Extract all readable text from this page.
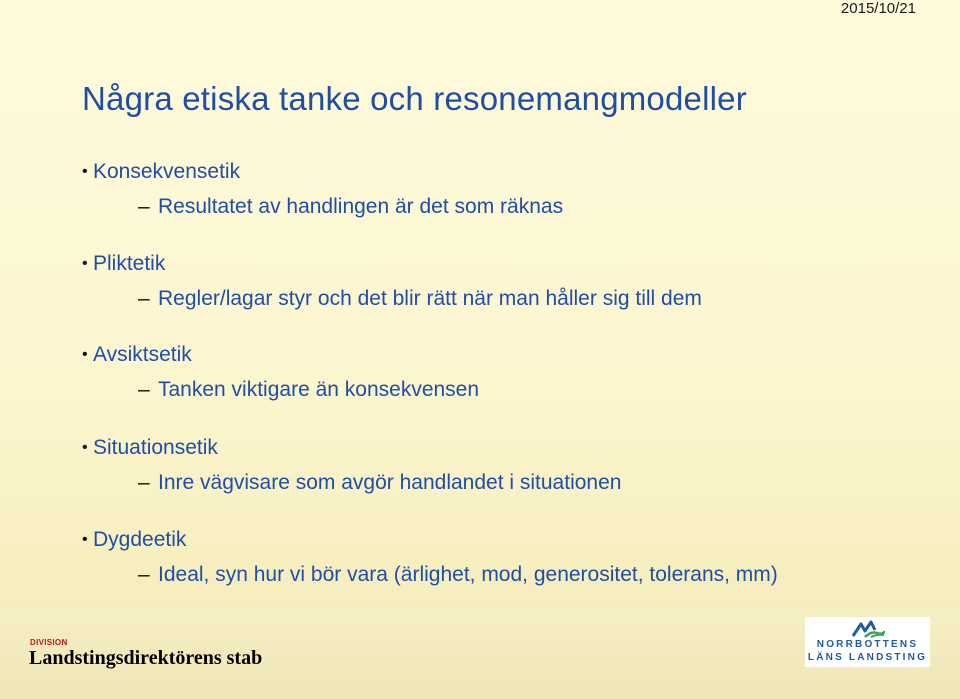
2015/10/21
Några etiska tanke och resonemangmodeller
• Konsekvensetik
– Resultatet av handlingen är det som räknas
• Pliktetik
– Regler/lagar styr och det blir rätt när man håller sig till dem
• Avsiktsetik
– Tanken viktigare än konsekvensen
• Situationsetik
– Inre vägvisare som avgör handlandet i situationen
• Dygdeetik
– Ideal, syn hur vi bör vara (ärlighet, mod, generositet, tolerans, mm)
DIVISION
Landstingsdirektörens stab
NORRBOTTENS
LÄNS LANDSTING
